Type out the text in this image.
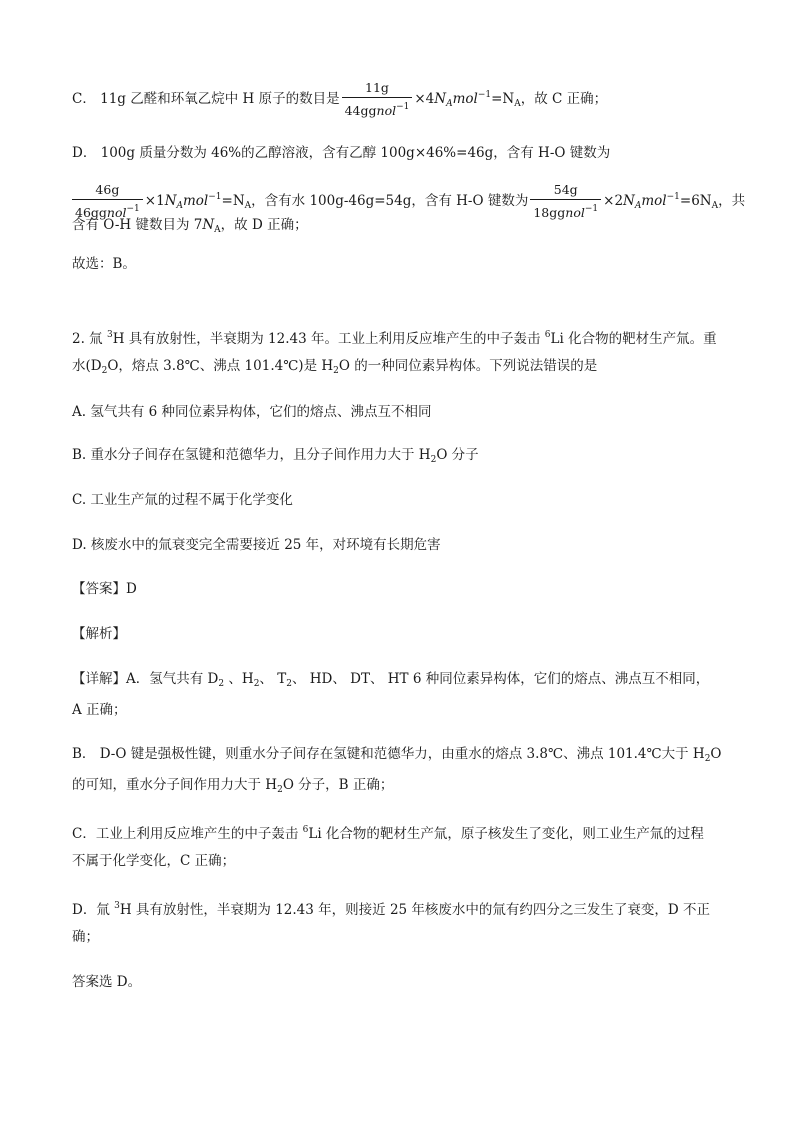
C． 11g 乙醛和环氧乙烷中 H 原子的数目是 $\frac{11g}{44ggnol^{-1}} \times 4N_Amol^{-1}=N_A$，故 C 正确；
D． 100g 质量分数为 46%的乙醇溶液，含有乙醇 100g×46%=46g，含有 H-O 键数为
$\frac{46g}{46ggnol^{-1}} \times 1N_Amol^{-1}=N_A$，含有水 100g-46g=54g，含有 H-O 键数为 $\frac{54g}{18ggnol^{-1}} \times 2N_Amol^{-1}=6N_A$，共
含有 O-H 键数目为 $7N_A$，故 D 正确；
故选：B。
2. 氚 $^3$H 具有放射性，半衰期为 12.43 年。工业上利用反应堆产生的中子轰击 $^6$Li 化合物的靶材生产氚。重
水($D_2O$，熔点 3.8℃、沸点 101.4℃)是 $H_2O$ 的一种同位素异构体。下列说法错误的是
A. 氢气共有 6 种同位素异构体，它们的熔点、沸点互不相同
B. 重水分子间存在氢键和范德华力，且分子间作用力大于 $H_2O$ 分子
C. 工业生产氚的过程不属于化学变化
D. 核废水中的氚衰变完全需要接近 25 年，对环境有长期危害
【答案】D
【解析】
【详解】A．氢气共有 $D_2$ 、$H_2$、 $T_2$、 HD、 DT、 HT 6 种同位素异构体，它们的熔点、沸点互不相同，
A 正确；
B． D-O 键是强极性键，则重水分子间存在氢键和范德华力，由重水的熔点 3.8℃、沸点 101.4℃大于 $H_2O$
的可知，重水分子间作用力大于 $H_2O$ 分子，B 正确；
C．工业上利用反应堆产生的中子轰击 $^6$Li 化合物的靶材生产氚，原子核发生了变化，则工业生产氚的过程
不属于化学变化，C 正确；
D．氚 $^3$H 具有放射性，半衰期为 12.43 年，则接近 25 年核废水中的氚有约四分之三发生了衰变，D 不正
确；
答案选 D。
